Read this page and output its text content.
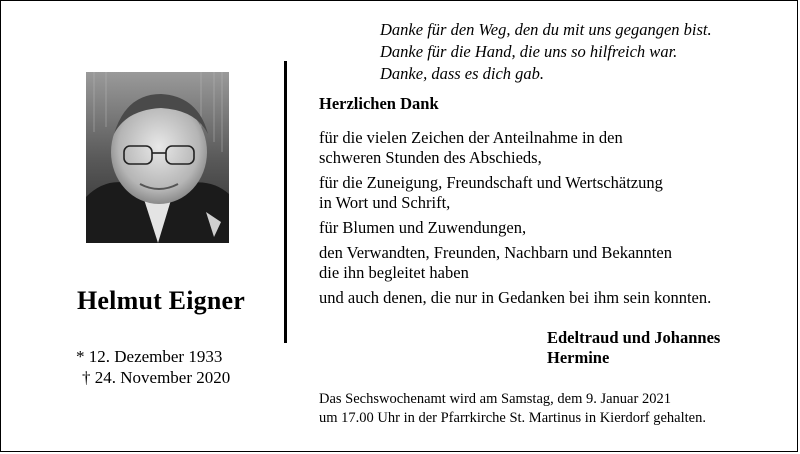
Helmut Eigner
* 12. Dezember 1933
† 24. November 2020
Danke für den Weg, den du mit uns gegangen bist.
Danke für die Hand, die uns so hilfreich war.
Danke, dass es dich gab.
Herzlichen Dank

für die vielen Zeichen der Anteilnahme in den
schweren Stunden des Abschieds,

für die Zuneigung, Freundschaft und Wertschätzung
in Wort und Schrift,

für Blumen und Zuwendungen,

den Verwandten, Freunden, Nachbarn und Bekannten
die ihn begleitet haben

und auch denen, die nur in Gedanken bei ihm sein konnten.

Edeltraud und Johannes
Hermine
Das Sechswochenamt wird am Samstag, dem 9. Januar 2021
um 17.00 Uhr in der Pfarrkirche St. Martinus in Kierdorf gehalten.
